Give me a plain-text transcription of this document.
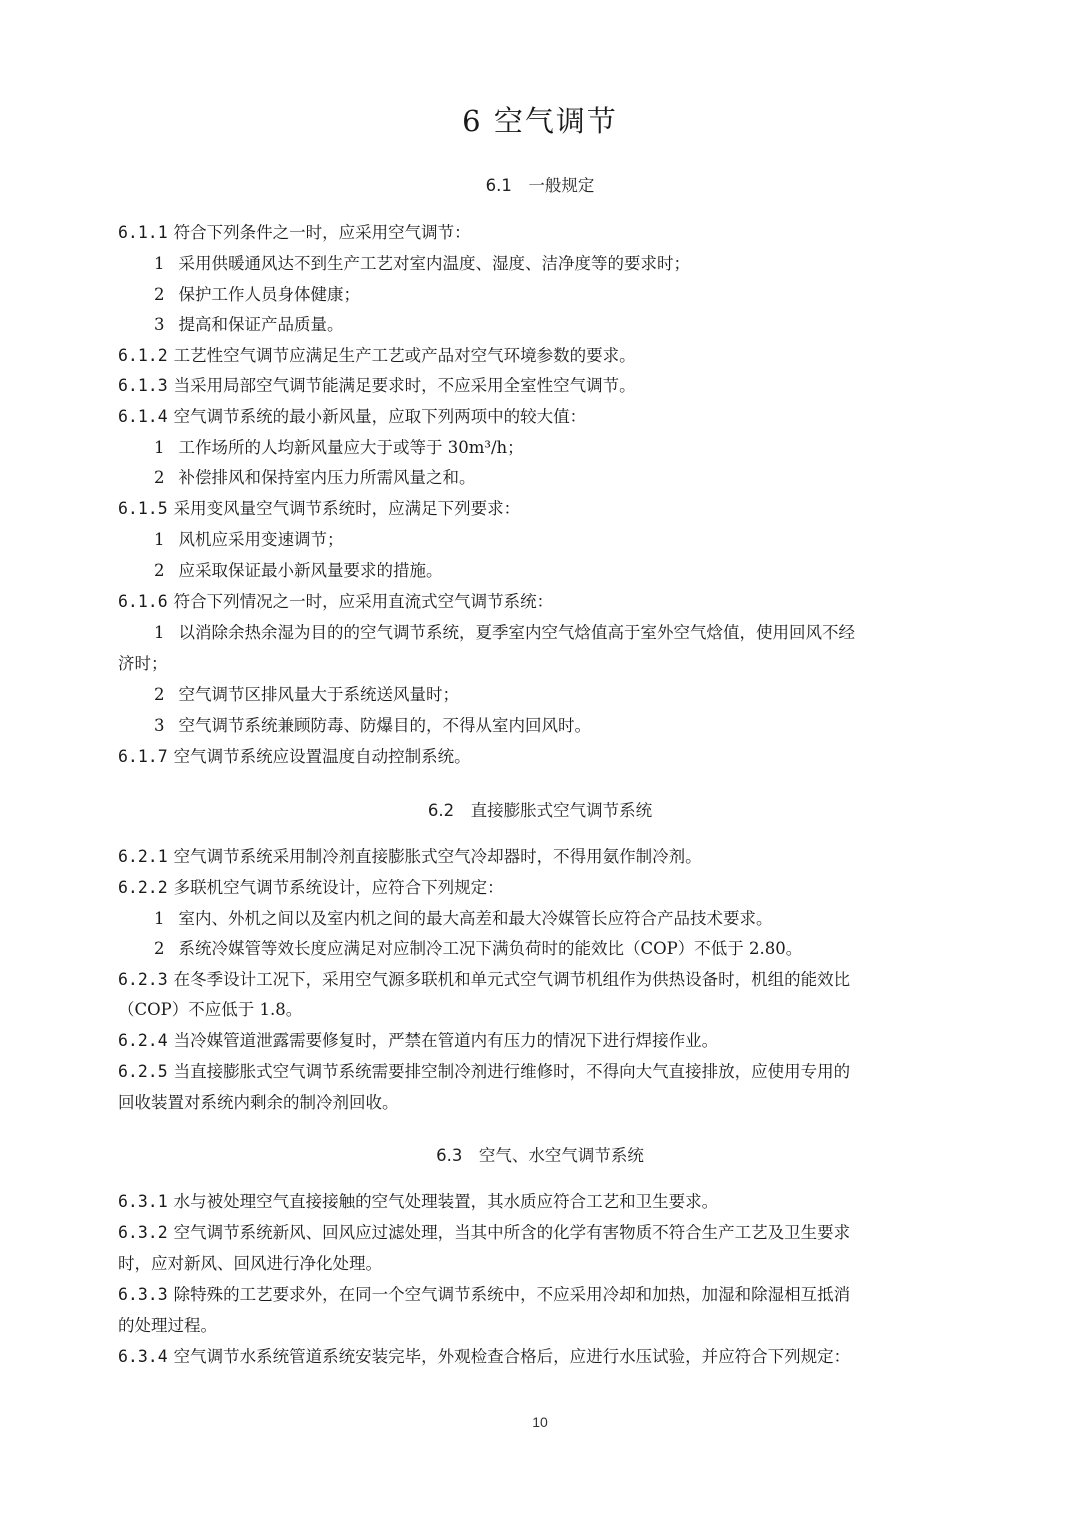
6 空气调节
6.1　一般规定
6.1.1 符合下列条件之一时，应采用空气调节：
1 采用供暖通风达不到生产工艺对室内温度、湿度、洁净度等的要求时；
2 保护工作人员身体健康；
3 提高和保证产品质量。
6.1.2 工艺性空气调节应满足生产工艺或产品对空气环境参数的要求。
6.1.3 当采用局部空气调节能满足要求时，不应采用全室性空气调节。
6.1.4 空气调节系统的最小新风量，应取下列两项中的较大值：
1 工作场所的人均新风量应大于或等于 30m³/h；
2 补偿排风和保持室内压力所需风量之和。
6.1.5 采用变风量空气调节系统时，应满足下列要求：
1 风机应采用变速调节；
2 应采取保证最小新风量要求的措施。
6.1.6 符合下列情况之一时，应采用直流式空气调节系统：
1 以消除余热余湿为目的的空气调节系统，夏季室内空气焓值高于室外空气焓值，使用回风不经
济时；
2 空气调节区排风量大于系统送风量时；
3 空气调节系统兼顾防毒、防爆目的，不得从室内回风时。
6.1.7 空气调节系统应设置温度自动控制系统。
6.2　直接膨胀式空气调节系统
6.2.1 空气调节系统采用制冷剂直接膨胀式空气冷却器时，不得用氨作制冷剂。
6.2.2 多联机空气调节系统设计，应符合下列规定：
1 室内、外机之间以及室内机之间的最大高差和最大冷媒管长应符合产品技术要求。
2 系统冷媒管等效长度应满足对应制冷工况下满负荷时的能效比（COP）不低于 2.80。
6.2.3 在冬季设计工况下，采用空气源多联机和单元式空气调节机组作为供热设备时，机组的能效比
（COP）不应低于 1.8。
6.2.4 当冷媒管道泄露需要修复时，严禁在管道内有压力的情况下进行焊接作业。
6.2.5 当直接膨胀式空气调节系统需要排空制冷剂进行维修时，不得向大气直接排放，应使用专用的
回收装置对系统内剩余的制冷剂回收。
6.3　空气、水空气调节系统
6.3.1 水与被处理空气直接接触的空气处理装置，其水质应符合工艺和卫生要求。
6.3.2 空气调节系统新风、回风应过滤处理，当其中所含的化学有害物质不符合生产工艺及卫生要求
时，应对新风、回风进行净化处理。
6.3.3 除特殊的工艺要求外，在同一个空气调节系统中，不应采用冷却和加热，加湿和除湿相互抵消
的处理过程。
6.3.4 空气调节水系统管道系统安装完毕，外观检查合格后，应进行水压试验，并应符合下列规定：
10
